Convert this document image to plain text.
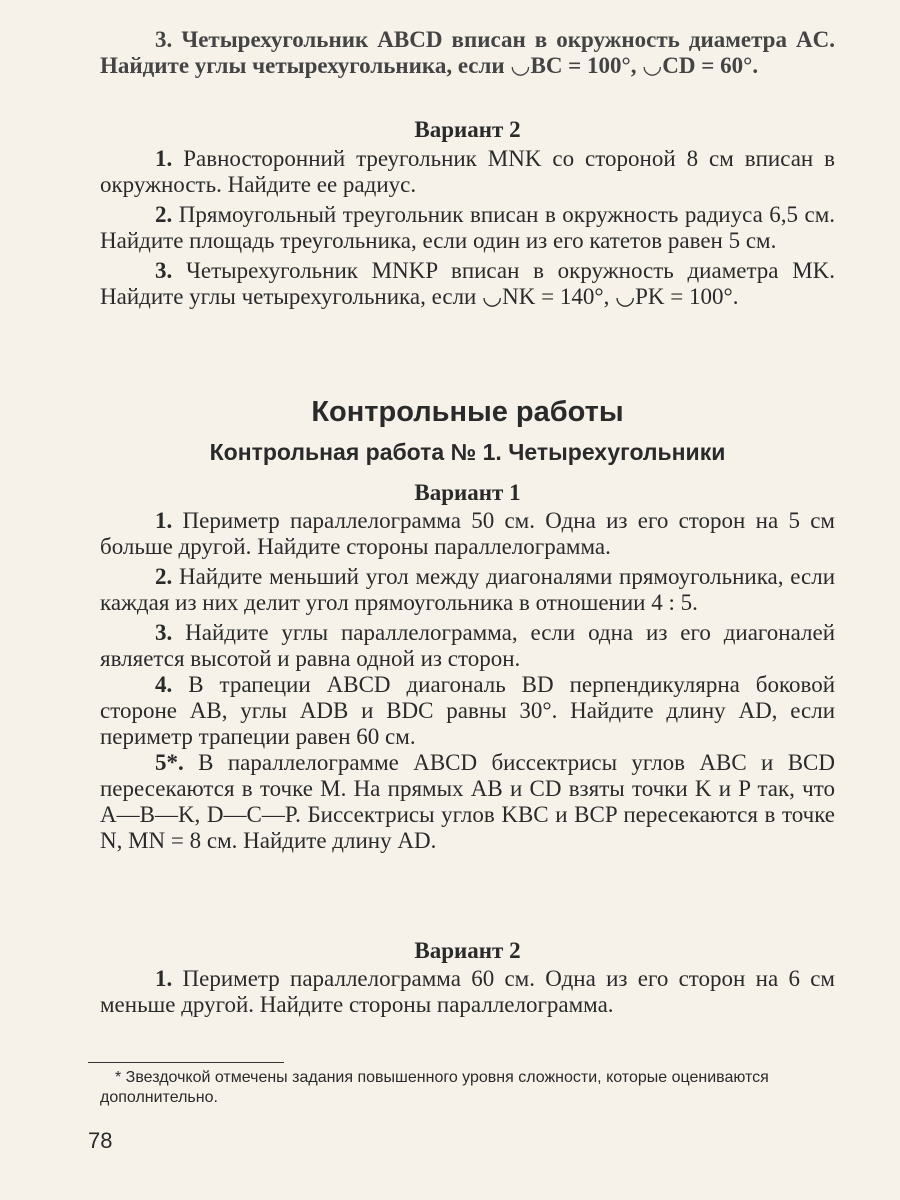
3. Четырехугольник ABCD вписан в окружность диаметра AC. Найдите углы четырехугольника, если ◡BC = 100°, ◡CD = 60°.

Вариант 2

1. Равносторонний треугольник MNK со стороной 8 см вписан в окружность. Найдите ее радиус.

2. Прямоугольный треугольник вписан в окружность радиуса 6,5 см. Найдите площадь треугольника, если один из его катетов равен 5 см.

3. Четырехугольник MNKP вписан в окружность диаметра MK. Найдите углы четырехугольника, если ◡NK = 140°, ◡PK = 100°.

Контрольные работы
Контрольная работа № 1. Четырехугольники

Вариант 1

1. Периметр параллелограмма 50 см. Одна из его сторон на 5 см больше другой. Найдите стороны параллелограмма.

2. Найдите меньший угол между диагоналями прямоугольника, если каждая из них делит угол прямоугольника в отношении 4 : 5.

3. Найдите углы параллелограмма, если одна из его диагоналей является высотой и равна одной из сторон.

4. В трапеции ABCD диагональ BD перпендикулярна боковой стороне AB, углы ADB и BDC равны 30°. Найдите длину AD, если периметр трапеции равен 60 см.

5*. В параллелограмме ABCD биссектрисы углов ABC и BCD пересекаются в точке M. На прямых AB и CD взяты точки K и P так, что A—B—K, D—C—P. Биссектрисы углов KBC и BCP пересекаются в точке N, MN = 8 см. Найдите длину AD.

Вариант 2

1. Периметр параллелограмма 60 см. Одна из его сторон на 6 см меньше другой. Найдите стороны параллелограмма.

* Звездочкой отмечены задания повышенного уровня сложности, которые оцениваются дополнительно.

78
